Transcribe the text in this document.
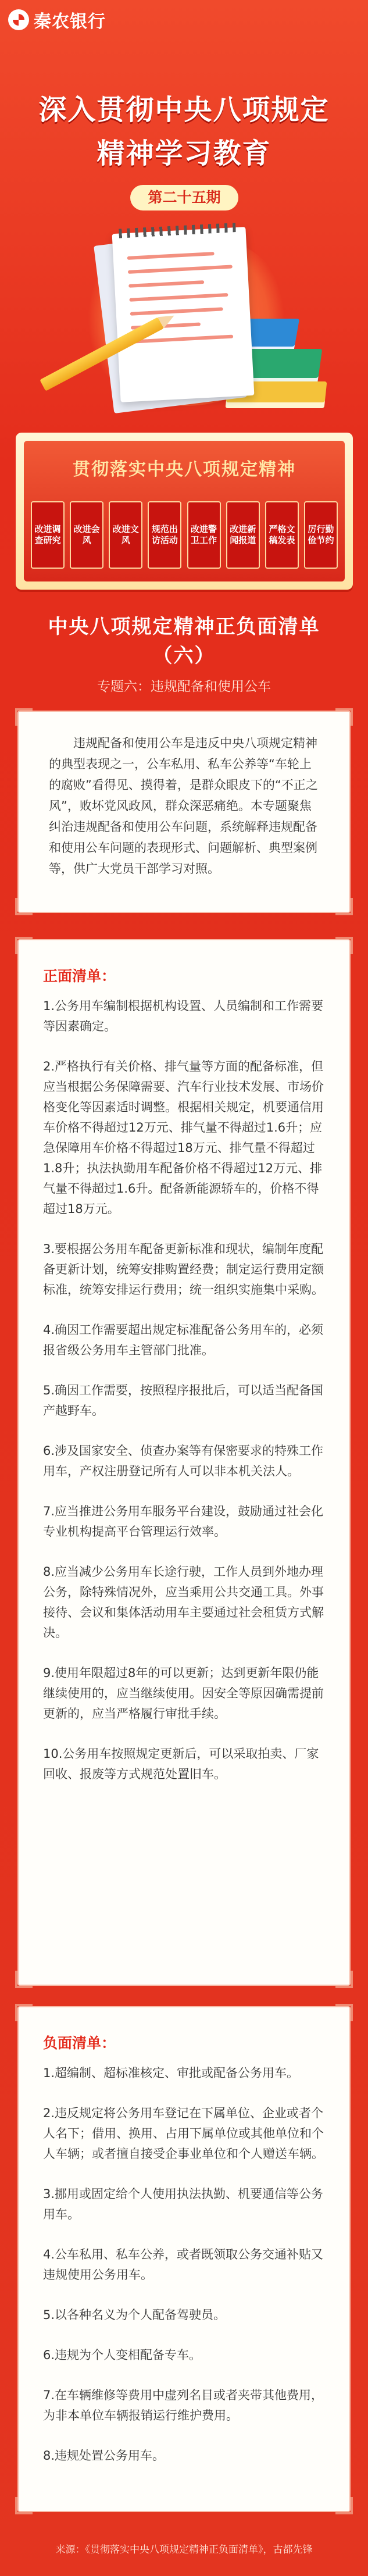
秦农银行
深入贯彻中央八项规定
精神学习教育
第二十五期
贯彻落实中央八项规定精神
改进调查研究
改进会风
改进文风
规范出访活动
改进警卫工作
改进新闻报道
严格文稿发表
厉行勤俭节约
中央八项规定精神正负面清单
（六）
专题六：违规配备和使用公车
违规配备和使用公车是违反中央八项规定精神的典型表现之一，公车私用、私车公养等“车轮上的腐败”看得见、摸得着，是群众眼皮下的“不正之风”，败坏党风政风，群众深恶痛绝。本专题聚焦纠治违规配备和使用公车问题，系统解释违规配备和使用公车问题的表现形式、问题解析、典型案例等，供广大党员干部学习对照。
正面清单：
1.公务用车编制根据机构设置、人员编制和工作需要等因素确定。
2.严格执行有关价格、排气量等方面的配备标准，但应当根据公务保障需要、汽车行业技术发展、市场价格变化等因素适时调整。根据相关规定，机要通信用车价格不得超过12万元、排气量不得超过1.6升；应急保障用车价格不得超过18万元、排气量不得超过1.8升；执法执勤用车配备价格不得超过12万元、排气量不得超过1.6升。配备新能源轿车的，价格不得超过18万元。
3.要根据公务用车配备更新标准和现状，编制年度配备更新计划，统筹安排购置经费；制定运行费用定额标准，统筹安排运行费用；统一组织实施集中采购。
4.确因工作需要超出规定标准配备公务用车的，必须报省级公务用车主管部门批准。
5.确因工作需要，按照程序报批后，可以适当配备国产越野车。
6.涉及国家安全、侦查办案等有保密要求的特殊工作用车，产权注册登记所有人可以非本机关法人。
7.应当推进公务用车服务平台建设，鼓励通过社会化专业机构提高平台管理运行效率。
8.应当减少公务用车长途行驶，工作人员到外地办理公务，除特殊情况外，应当乘用公共交通工具。外事接待、会议和集体活动用车主要通过社会租赁方式解决。
9.使用年限超过8年的可以更新；达到更新年限仍能继续使用的，应当继续使用。因安全等原因确需提前更新的，应当严格履行审批手续。
10.公务用车按照规定更新后，可以采取拍卖、厂家回收、报废等方式规范处置旧车。
负面清单：
1.超编制、超标准核定、审批或配备公务用车。
2.违反规定将公务用车登记在下属单位、企业或者个人名下；借用、换用、占用下属单位或其他单位和个人车辆；或者擅自接受企事业单位和个人赠送车辆。
3.挪用或固定给个人使用执法执勤、机要通信等公务用车。
4.公车私用、私车公养，或者既领取公务交通补贴又违规使用公务用车。
5.以各种名义为个人配备驾驶员。
6.违规为个人变相配备专车。
7.在车辆维修等费用中虚列名目或者夹带其他费用，为非本单位车辆报销运行维护费用。
8.违规处置公务用车。
来源：《贯彻落实中央八项规定精神正负面清单》，古都先锋
